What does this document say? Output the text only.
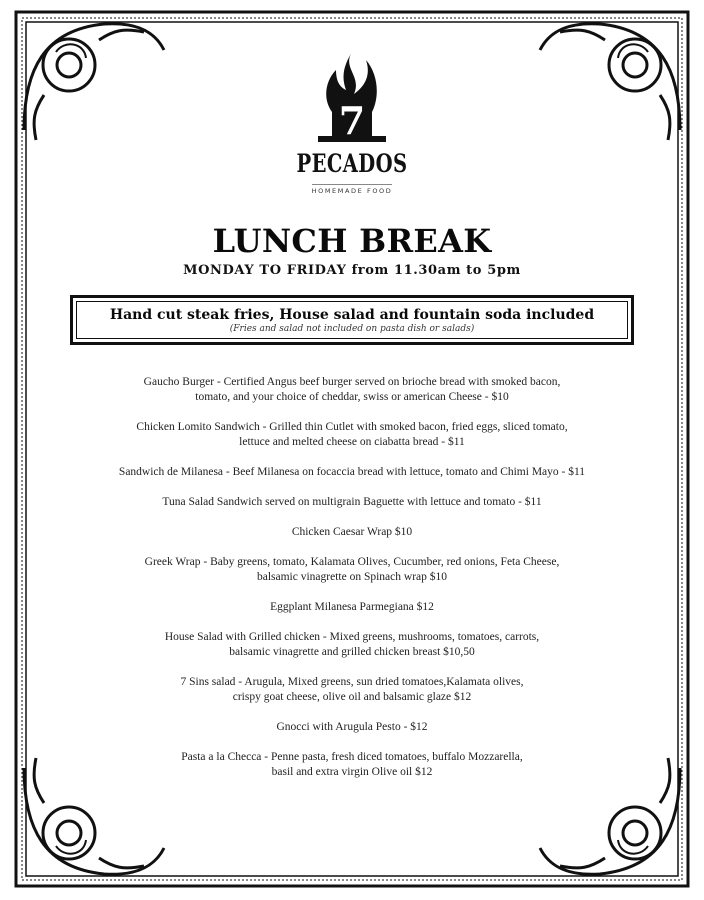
7
PECADOS
HOMEMADE FOOD
LUNCH BREAK
MONDAY TO FRIDAY from 11.30am to 5pm
Hand cut steak fries, House salad and fountain soda included
(Fries and salad not included on pasta dish or salads)
Gaucho Burger - Certified Angus beef burger served on brioche bread with smoked bacon,
tomato, and your choice of cheddar, swiss or american Cheese - $10
Chicken Lomito Sandwich - Grilled thin Cutlet with smoked bacon, fried eggs, sliced tomato,
lettuce and melted cheese on ciabatta bread - $11
Sandwich de Milanesa - Beef Milanesa on focaccia bread with lettuce, tomato and Chimi Mayo - $11
Tuna Salad Sandwich served on multigrain Baguette with lettuce and tomato - $11
Chicken Caesar Wrap $10
Greek Wrap - Baby greens, tomato, Kalamata Olives, Cucumber, red onions, Feta Cheese,
balsamic vinagrette on Spinach wrap $10
Eggplant Milanesa Parmegiana $12
House Salad with Grilled chicken - Mixed greens, mushrooms, tomatoes, carrots,
balsamic vinagrette and grilled chicken breast $10,50
7 Sins salad - Arugula, Mixed greens, sun dried tomatoes,Kalamata olives,
crispy goat cheese, olive oil and balsamic glaze $12
Gnocci with Arugula Pesto - $12
Pasta a la Checca - Penne pasta, fresh diced tomatoes, buffalo Mozzarella,
basil and extra virgin Olive oil $12
